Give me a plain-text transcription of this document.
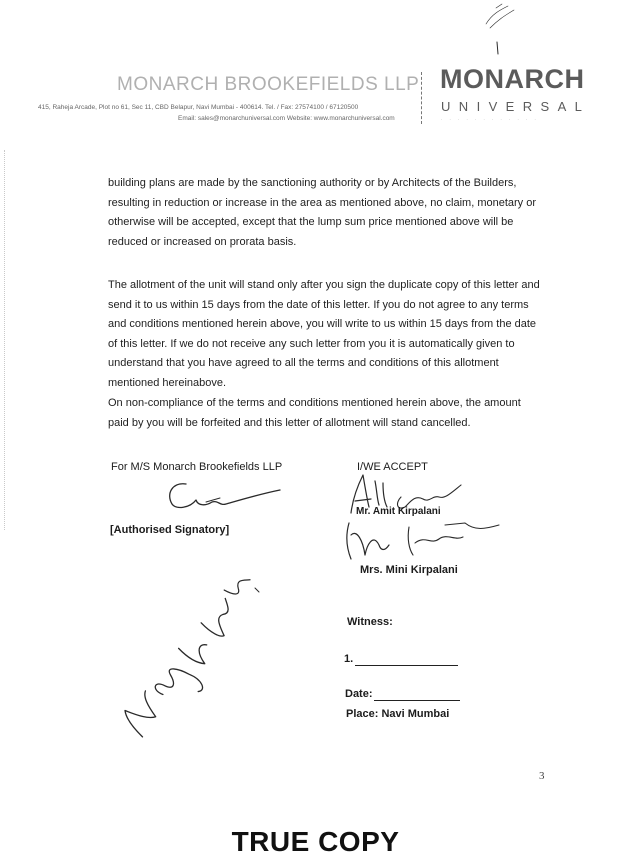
MONARCH BROOKEFIELDS LLP
415, Raheja Arcade, Plot no 61, Sec 11, CBD Belapur, Navi Mumbai - 400614. Tel. / Fax: 27574100 / 67120500
Email: sales@monarchuniversal.com Website: www.monarchuniversal.com
MONARCH
UNIVERSAL
. . . . . . . . . . . .
building plans are made by the sanctioning authority or by Architects of the Builders, resulting in reduction or increase in the area as mentioned above, no claim, monetary or otherwise will be accepted, except that the lump sum price mentioned above will be reduced or increased on prorata basis.
The allotment of the unit will stand only after you sign the duplicate copy of this letter and send it to us within 15 days from the date of this letter. If you do not agree to any terms and conditions mentioned herein above, you will write to us within 15 days from the date of this letter. If we do not receive any such letter from you it is automatically given to understand that you have agreed to all the terms and conditions of this allotment mentioned hereinabove.
On non-compliance of the terms and conditions mentioned herein above, the amount paid by you will be forfeited and this letter of allotment will stand cancelled.
For M/S Monarch Brookefields LLP
[Authorised Signatory]
I/WE ACCEPT
Mr. Amit Kirpalani
Mrs. Mini Kirpalani
Witness:
1.
Date:
Place: Navi Mumbai
3
TRUE COPY
